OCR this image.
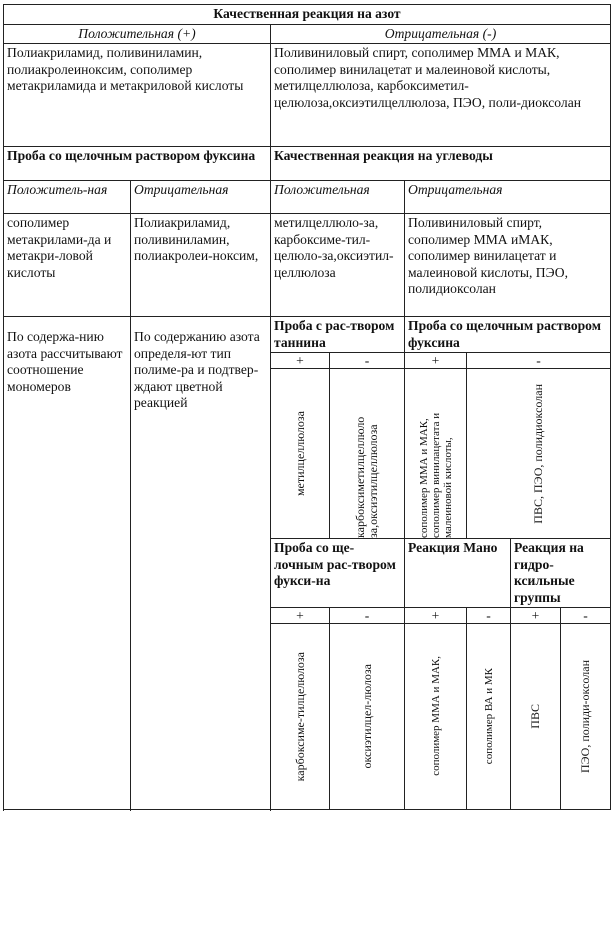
Качественная реакция на азот							
Положительная (+)		Отрицательная (-)					
Полиакриламид, поливиниламин, полиакролеиноксим, сополимер метакриламида и метакриловой кислоты		Поливиниловый спирт, сополимер ММА и МАК, сополимер винилацетат и малеиновой кислоты, метилцеллюлоза, карбоксиметил-целюлоза,оксиэтилцеллюлоза, ПЭО, поли-диоксолан					
Проба со щелочным раствором фуксина		Качественная реакция на углеводы					
Положитель-ная	Отрицательная	Положительная		Отрицательная			
сополимер метакрилами-да и метакри-ловой кислоты	Полиакриламид, поливиниламин, полиакролеи-ноксим,	метилцеллюло-за, карбоксиме-тил-целюло-за,оксиэтил-целлюлоза		Поливиниловый спирт, сополимер ММА иМАК, сополимер винилацетат и малеиновой кислоты, ПЭО, полидиоксолан			
По содержа-нию азота рассчитывают соотношение мономеров	По содержанию азота определя-ют тип полиме-ра и подтвер-ждают цветной реакцией	Проба с рас-твором таннина		Проба со щелочным раствором фуксина			
		+	-	+	-		

		метилцеллюлоза	карбоксиметилцеллюло за,оксиэтилцеллюлоза	сополимер ММА и МАК, сополимер винилацетата и малеиновой кислоты,	ПВС, ПЭО, полидиоксолан		

		Проба со ще-лочным рас-твором фукси-на		Реакция Мано		Реакция на гидро-ксильные группы	
		+	-	+	-	+	-

		карбоксиме-тилцелюлоза	оксиэтилцел-люлоза	сополимер ММА и МАК,	сополимер ВА и МК	ПВС	ПЭО, полиди-оксолан
